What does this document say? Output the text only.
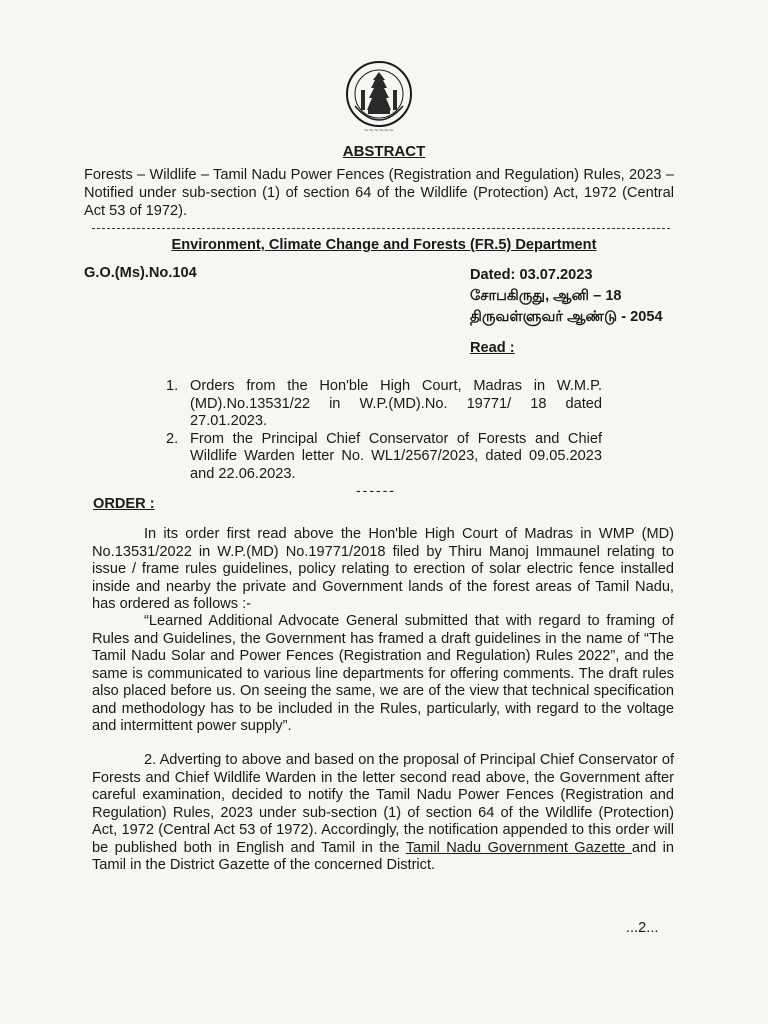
~~~~~~
ABSTRACT
Forests – Wildlife – Tamil Nadu Power Fences (Registration and Regulation) Rules, 2023 – Notified under sub-section (1) of section 64 of the Wildlife (Protection) Act, 1972 (Central Act 53 of 1972).
Environment, Climate Change and Forests (FR.5) Department
G.O.(Ms).No.104	Dated: 03.07.2023
சோபகிருது, ஆனி – 18
திருவள்ளுவர் ஆண்டு - 2054
Read :
1. Orders from the Hon'ble High Court, Madras in W.M.P.(MD).No.13531/22 in W.P.(MD).No. 19771/ 18 dated 27.01.2023.
2. From the Principal Chief Conservator of Forests and Chief Wildlife Warden letter No. WL1/2567/2023, dated 09.05.2023 and 22.06.2023.
------
ORDER :

In its order first read above the Hon'ble High Court of Madras in WMP (MD) No.13531/2022 in W.P.(MD) No.19771/2018 filed by Thiru Manoj Immaunel relating to issue / frame rules guidelines, policy relating to erection of solar electric fence installed inside and nearby the private and Government lands of the forest areas of Tamil Nadu, has ordered as follows :-

“Learned Additional Advocate General submitted that with regard to framing of Rules and Guidelines, the Government has framed a draft guidelines in the name of “The Tamil Nadu Solar and Power Fences (Registration and Regulation) Rules 2022”, and the same is communicated to various line departments for offering comments. The draft rules also placed before us. On seeing the same, we are of the view that technical specification and methodology has to be included in the Rules, particularly, with regard to the voltage and intermittent power supply”.

2. Adverting to above and based on the proposal of Principal Chief Conservator of Forests and Chief Wildlife Warden in the letter second read above, the Government after careful examination, decided to notify the Tamil Nadu Power Fences (Registration and Regulation) Rules, 2023 under sub-section (1) of section 64 of the Wildlife (Protection) Act, 1972 (Central Act 53 of 1972). Accordingly, the notification appended to this order will be published both in English and Tamil in the Tamil Nadu Government Gazette and in Tamil in the District Gazette of the concerned District.

...2...
